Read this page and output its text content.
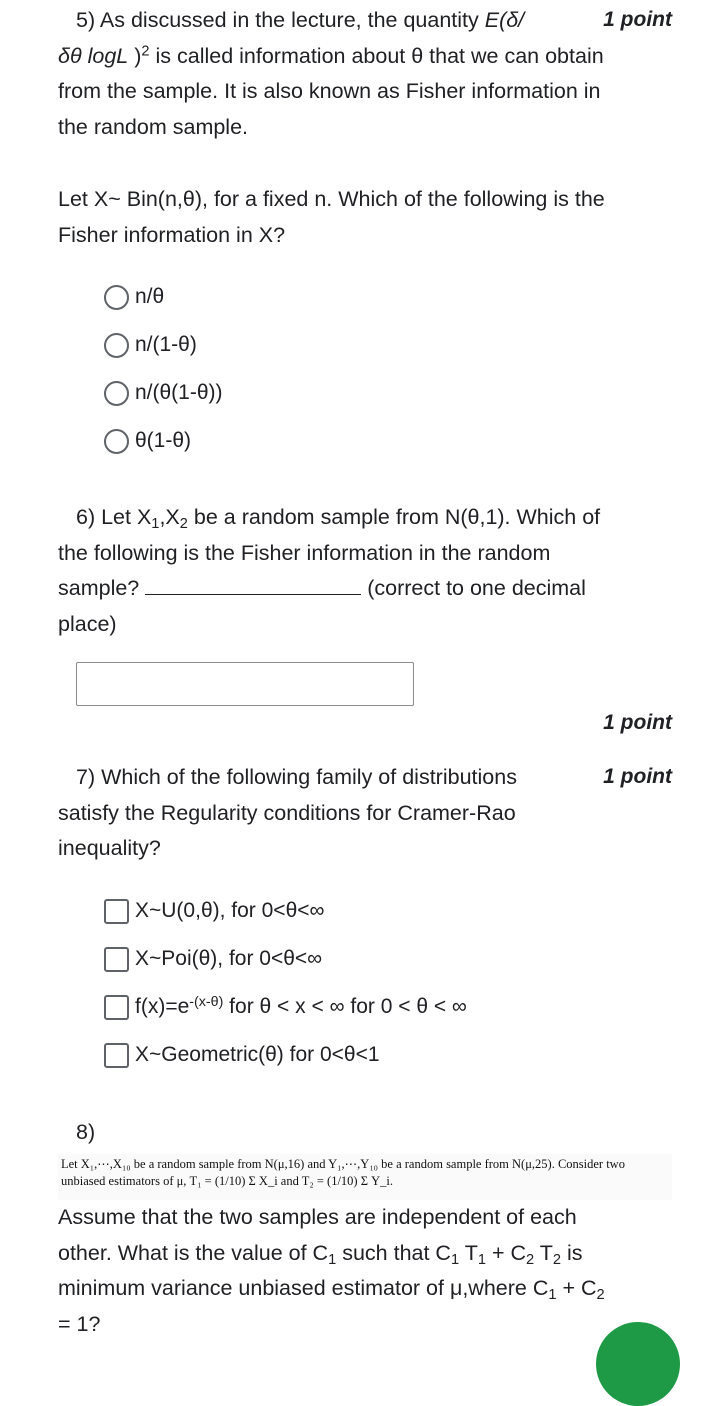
5) As discussed in the lecture, the quantity E(δ/
δθ logL )$^2$ is called information about θ that we can obtain
from the sample. It is also known as Fisher information in
the random sample.
1 point
Let X~ Bin(n,θ), for a fixed n. Which of the following is the
Fisher information in X?
n/θ
n/(1-θ)
n/(θ(1-θ))
θ(1-θ)
6) Let $X_1,X_2$ be a random sample from N(θ,1). Which of
the following is the Fisher information in the random
sample?	(correct to one decimal
place)
1 point
7) Which of the following family of distributions
satisfy the Regularity conditions for Cramer-Rao
inequality?
1 point
X~U(0,θ), for 0<θ<∞
X~Poi(θ), for 0<θ<∞
$f(x)=e^{-(x-\theta)}$ for θ < x < ∞ for 0 < θ < ∞
X~Geometric(θ) for 0<θ<1
8)
Let X₁,⋯,X₁₀ be a random sample from N(μ,16) and Y₁,⋯,Y₁₀ be a random sample from N(μ,25). Consider two
unbiased estimators of μ, T₁ = (1/10) Σ X_i and T₂ = (1/10) Σ Y_i.
Assume that the two samples are independent of each
other. What is the value of $C_1$ such that $C_1$ $T_1 + C_2$ $T_2$ is
minimum variance unbiased estimator of μ,where $C_1 + C_2$
= 1?
